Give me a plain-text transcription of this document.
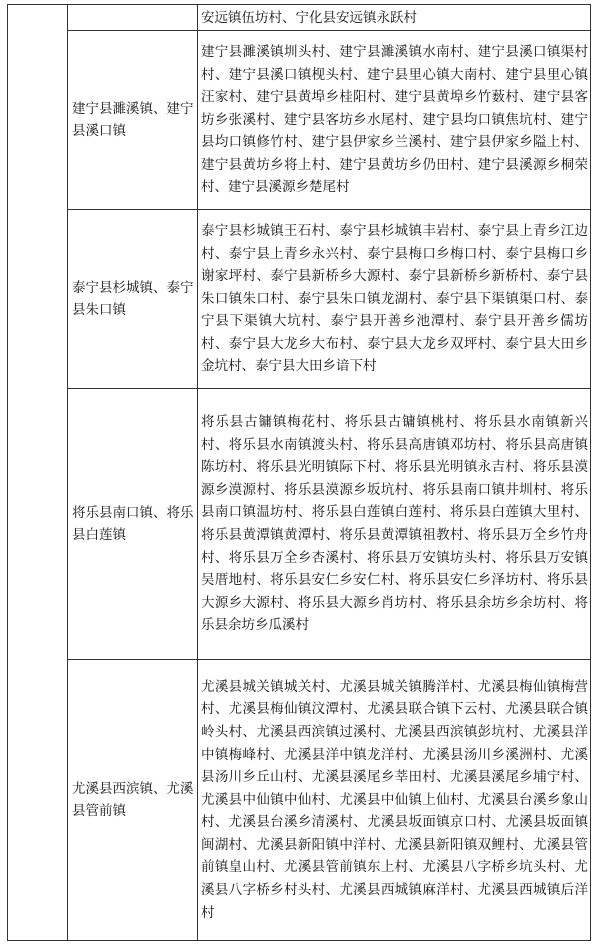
		安远镇伍坊村、宁化县安远镇永跃村
	建宁县濉溪镇、建宁县溪口镇	建宁县濉溪镇圳头村、建宁县濉溪镇水南村、建宁县溪口镇渠村村、建宁县溪口镇枧头村、建宁县里心镇大南村、建宁县里心镇汪家村、建宁县黄埠乡桂阳村、建宁县黄埠乡竹薮村、建宁县客坊乡张溪村、建宁县客坊乡水尾村、建宁县均口镇焦坑村、建宁县均口镇修竹村、建宁县伊家乡兰溪村、建宁县伊家乡隘上村、建宁县黄坊乡将上村、建宁县黄坊乡仍田村、建宁县溪源乡桐荣村、建宁县溪源乡楚尾村
	泰宁县杉城镇、泰宁县朱口镇	泰宁县杉城镇王石村、泰宁县杉城镇丰岩村、泰宁县上青乡江边村、泰宁县上青乡永兴村、泰宁县梅口乡梅口村、泰宁县梅口乡谢家坪村、泰宁县新桥乡大源村、泰宁县新桥乡新桥村、泰宁县朱口镇朱口村、泰宁县朱口镇龙湖村、泰宁县下渠镇渠口村、泰宁县下渠镇大坑村、泰宁县开善乡池潭村、泰宁县开善乡儒坊村、泰宁县大龙乡大布村、泰宁县大龙乡双坪村、泰宁县大田乡金坑村、泰宁县大田乡谙下村
	将乐县南口镇、将乐县白莲镇	将乐县古镛镇梅花村、将乐县古镛镇桃村、将乐县水南镇新兴村、将乐县水南镇渡头村、将乐县高唐镇邓坊村、将乐县高唐镇陈坊村、将乐县光明镇际下村、将乐县光明镇永吉村、将乐县漠源乡漠源村、将乐县漠源乡坂坑村、将乐县南口镇井圳村、将乐县南口镇温坊村、将乐县白莲镇白莲村、将乐县白莲镇大里村、将乐县黄潭镇黄潭村、将乐县黄潭镇祖教村、将乐县万全乡竹舟村、将乐县万全乡杏溪村、将乐县万安镇坊头村、将乐县万安镇吴厝地村、将乐县安仁乡安仁村、将乐县安仁乡泽坊村、将乐县大源乡大源村、将乐县大源乡肖坊村、将乐县余坊乡余坊村、将乐县余坊乡瓜溪村
	尤溪县西滨镇、尤溪县管前镇	尤溪县城关镇城关村、尤溪县城关镇腾洋村、尤溪县梅仙镇梅营村、尤溪县梅仙镇汶潭村、尤溪县联合镇下云村、尤溪县联合镇岭头村、尤溪县西滨镇过溪村、尤溪县西滨镇彭坑村、尤溪县洋中镇梅峰村、尤溪县洋中镇龙洋村、尤溪县汤川乡溪洲村、尤溪县汤川乡丘山村、尤溪县溪尾乡莘田村、尤溪县溪尾乡埔宁村、尤溪县中仙镇中仙村、尤溪县中仙镇上仙村、尤溪县台溪乡象山村、尤溪县台溪乡清溪村、尤溪县坂面镇京口村、尤溪县坂面镇闽湖村、尤溪县新阳镇中洋村、尤溪县新阳镇双鲤村、尤溪县管前镇皇山村、尤溪县管前镇东上村、尤溪县八字桥乡坑头村、尤溪县八字桥乡村头村、尤溪县西城镇麻洋村、尤溪县西城镇后洋村
